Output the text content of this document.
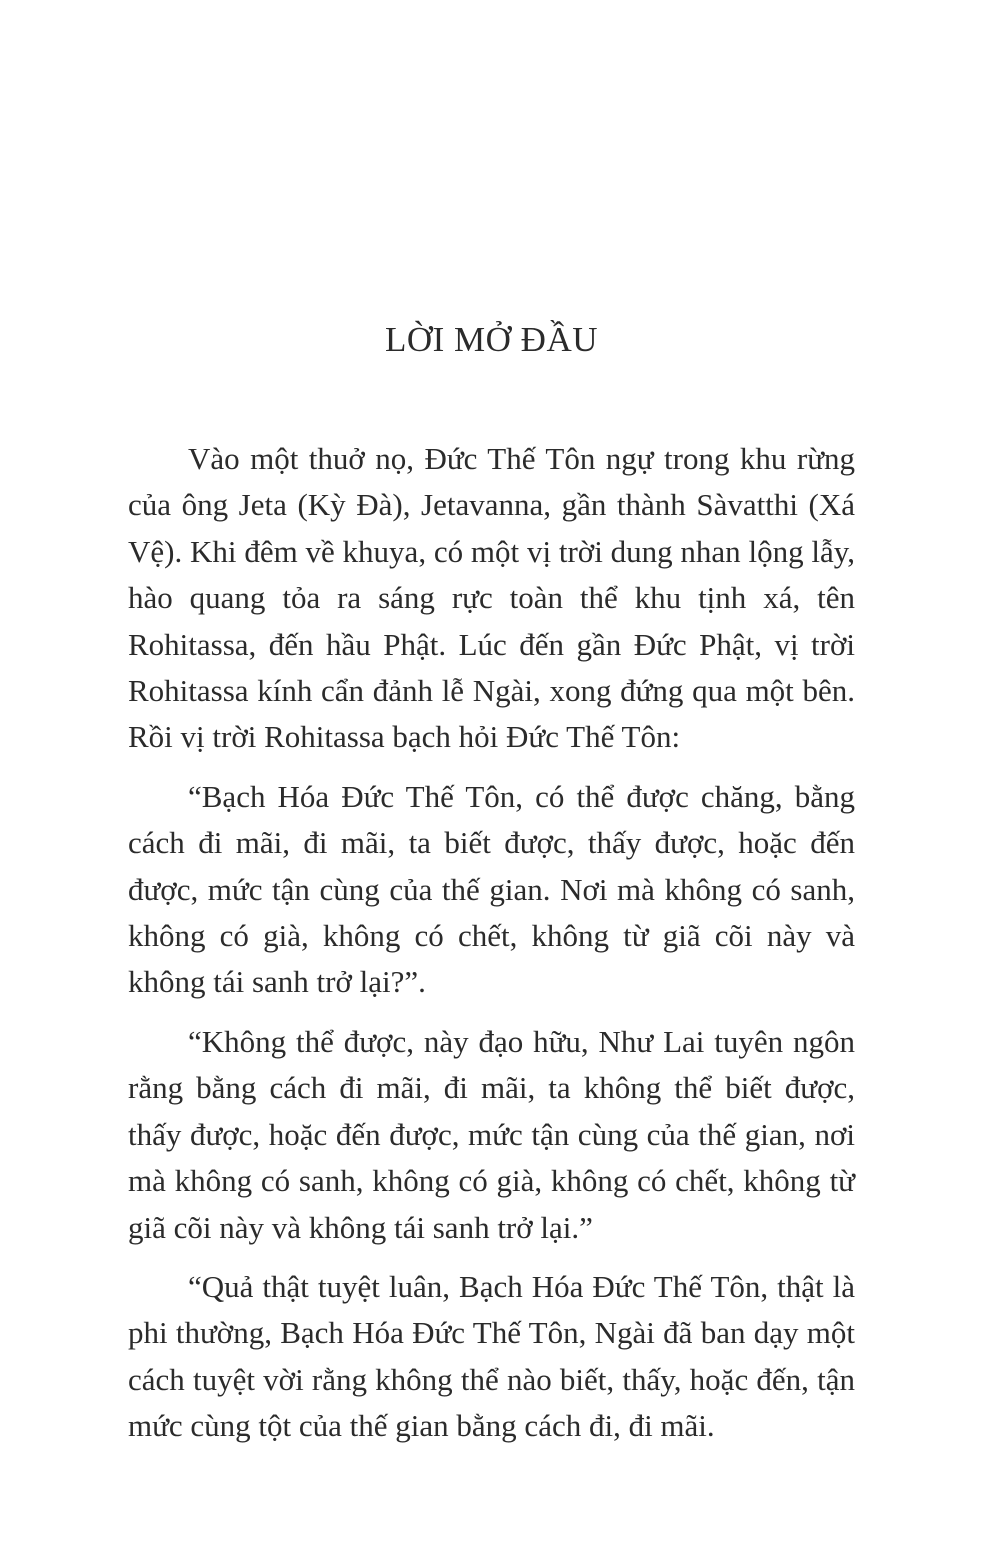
LỜI MỞ ĐẦU

Vào một thuở nọ, Đức Thế Tôn ngự trong khu rừng của ông Jeta (Kỳ Đà), Jetavanna, gần thành Sàvatthi (Xá Vệ). Khi đêm về khuya, có một vị trời dung nhan lộng lẫy, hào quang tỏa ra sáng rực toàn thể khu tịnh xá, tên Rohitassa, đến hầu Phật. Lúc đến gần Đức Phật, vị trời Rohitassa kính cẩn đảnh lễ Ngài, xong đứng qua một bên. Rồi vị trời Rohitassa bạch hỏi Đức Thế Tôn:

“Bạch Hóa Đức Thế Tôn, có thể được chăng, bằng cách đi mãi, đi mãi, ta biết được, thấy được, hoặc đến được, mức tận cùng của thế gian. Nơi mà không có sanh, không có già, không có chết, không từ giã cõi này và không tái sanh trở lại?”.

“Không thể được, này đạo hữu, Như Lai tuyên ngôn rằng bằng cách đi mãi, đi mãi, ta không thể biết được, thấy được, hoặc đến được, mức tận cùng của thế gian, nơi mà không có sanh, không có già, không có chết, không từ giã cõi này và không tái sanh trở lại.”

“Quả thật tuyệt luân, Bạch Hóa Đức Thế Tôn, thật là phi thường, Bạch Hóa Đức Thế Tôn, Ngài đã ban dạy một cách tuyệt vời rằng không thể nào biết, thấy, hoặc đến, tận mức cùng tột của thế gian bằng cách đi, đi mãi.
